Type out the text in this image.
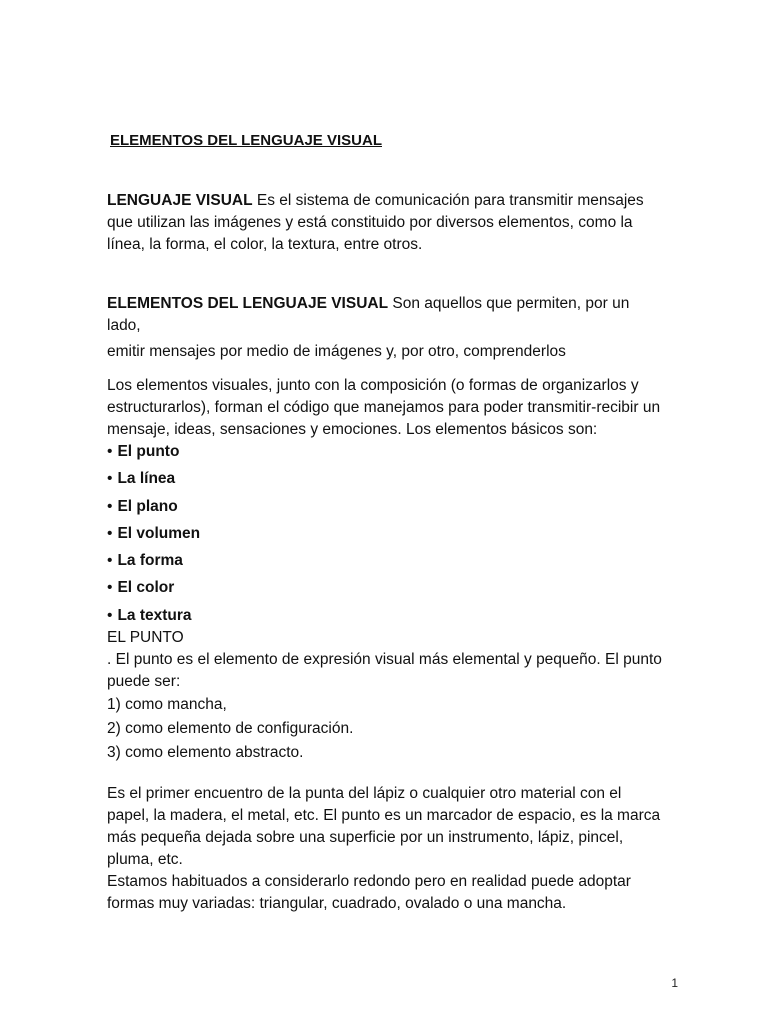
ELEMENTOS DEL LENGUAJE VISUAL

LENGUAJE VISUAL Es el sistema de comunicación para transmitir mensajes que utilizan las imágenes y está constituido por diversos elementos, como la línea, la forma, el color, la textura, entre otros.

ELEMENTOS DEL LENGUAJE VISUAL Son aquellos que permiten, por un lado,
emitir mensajes por medio de imágenes y, por otro, comprenderlos

Los elementos visuales, junto con la composición (o formas de organizarlos y estructurarlos), forman el código que manejamos para poder transmitir-recibir un mensaje, ideas, sensaciones y emociones. Los elementos básicos son:

• El punto
• La línea
• El plano
• El volumen
• La forma
• El color
• La textura
EL PUNTO

. El punto es el elemento de expresión visual más elemental y pequeño. El punto puede ser:

1) como mancha,
2) como elemento de configuración.
3) como elemento abstracto.

Es el primer encuentro de la punta del lápiz o cualquier otro material con el papel, la madera, el metal, etc. El punto es un marcador de espacio, es la marca más pequeña dejada sobre una superficie por un instrumento, lápiz, pincel, pluma, etc.

Estamos habituados a considerarlo redondo pero en realidad puede adoptar formas muy variadas: triangular, cuadrado, ovalado o una mancha.

1
